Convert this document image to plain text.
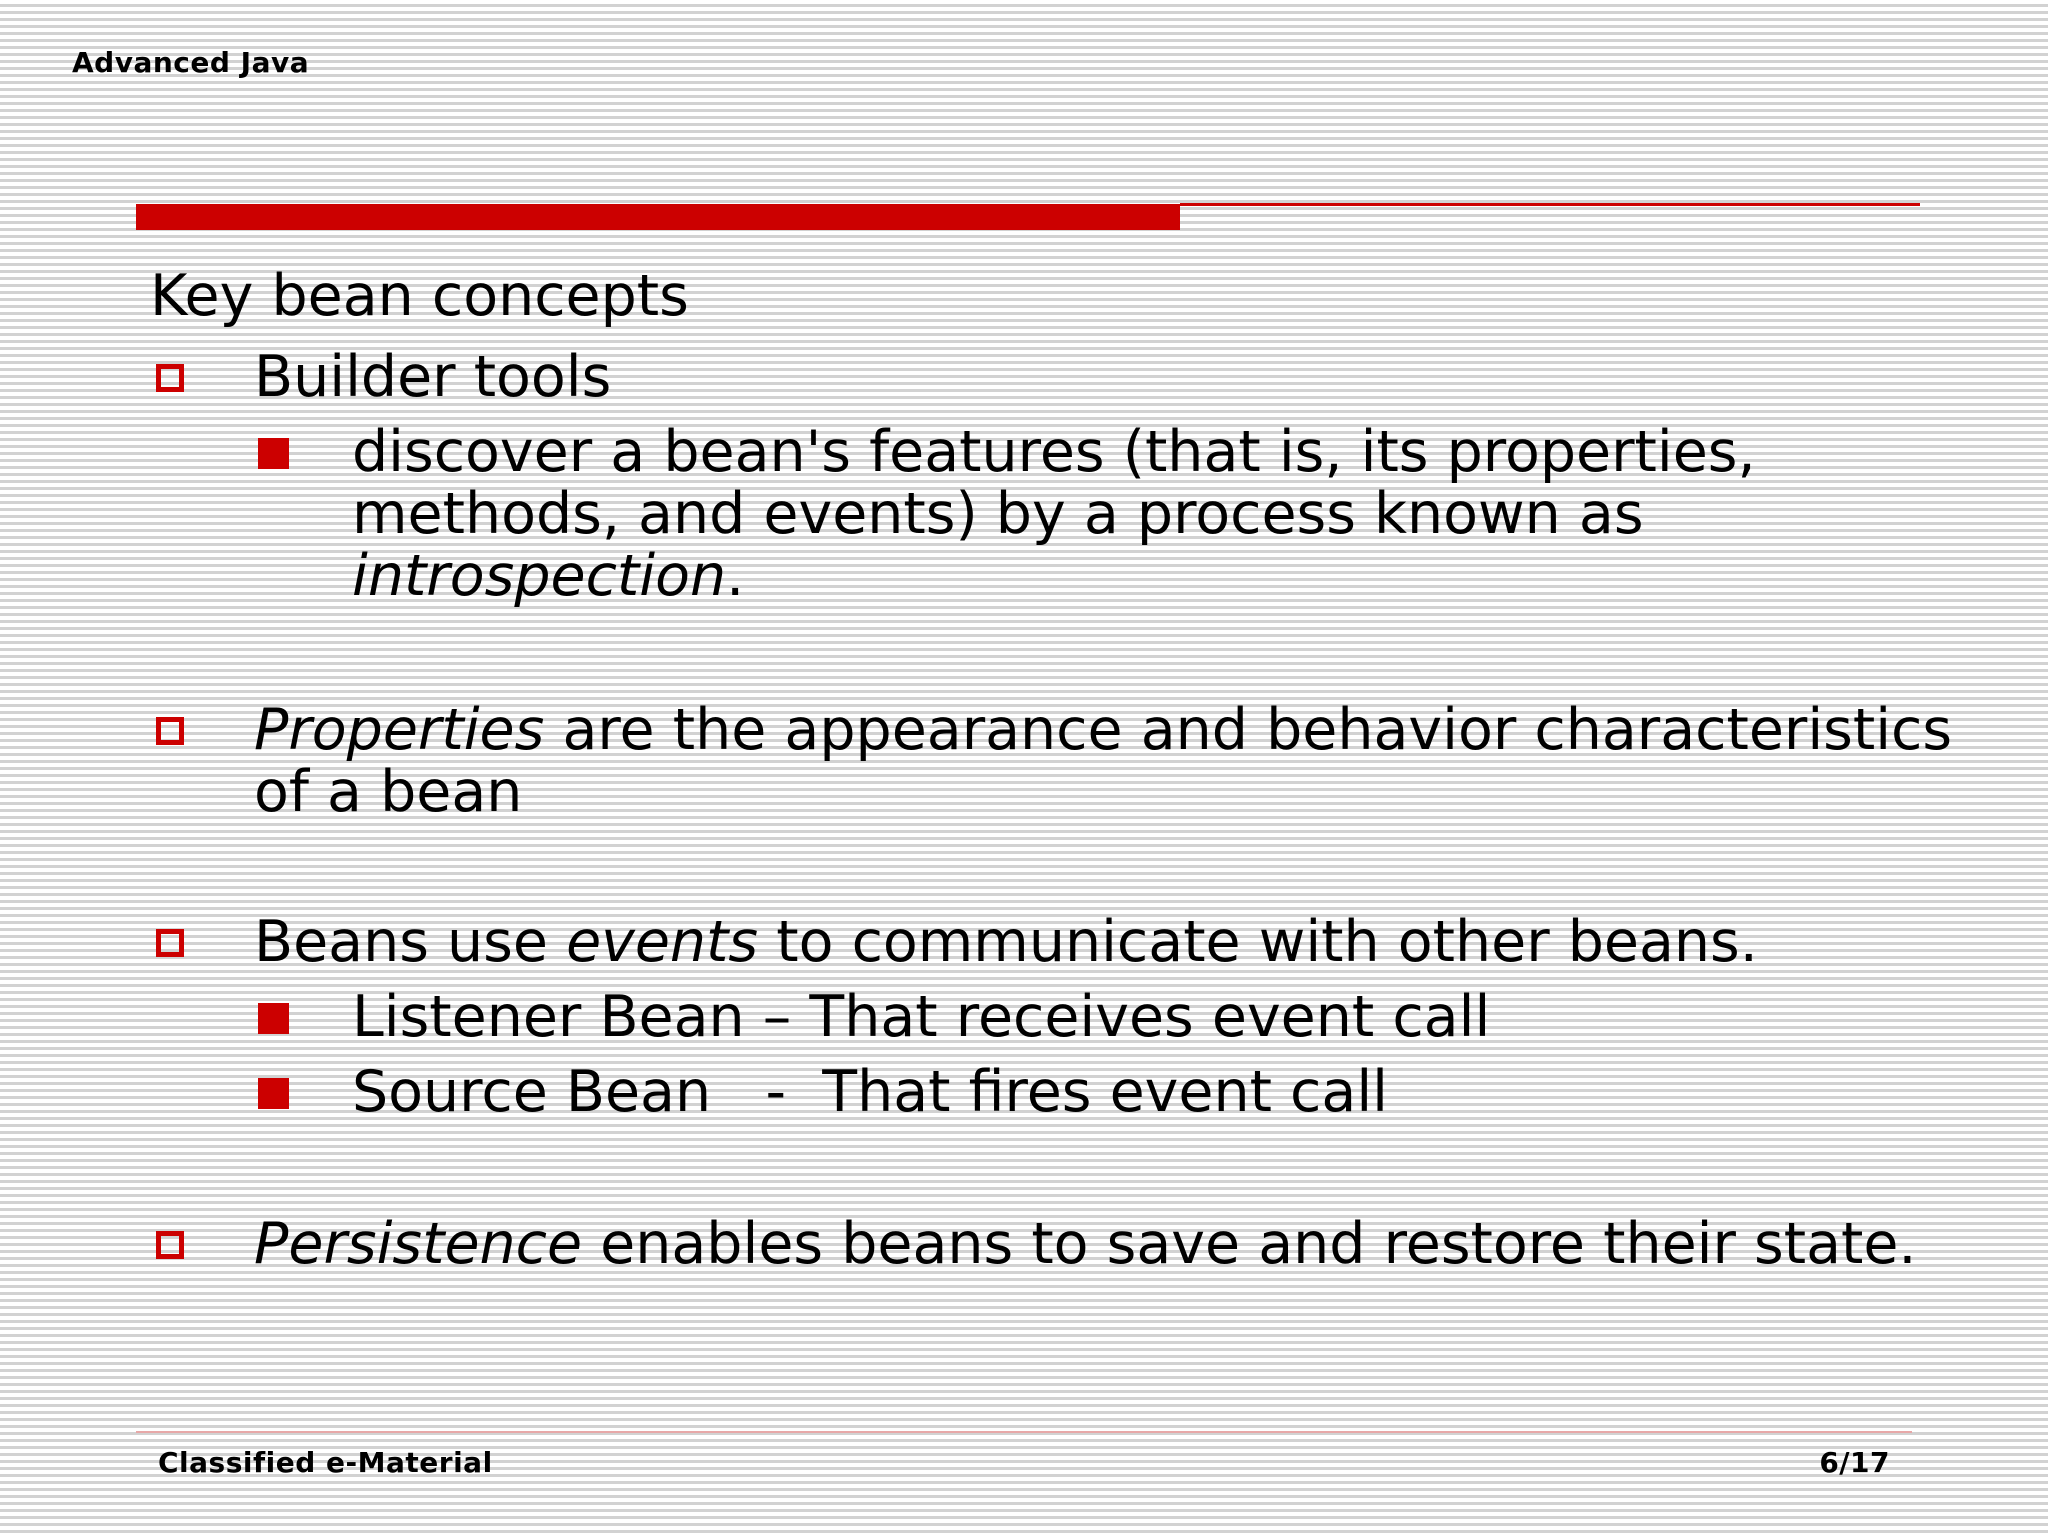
Advanced Java
Key bean concepts
Builder tools
discover a bean's features (that is, its properties, methods, and events) by a process known as introspection.
Properties are the appearance and behavior characteristics of a bean
Beans use events to communicate with other beans.
Listener Bean – That receives event call
Source Bean   -  That fires event call
Persistence enables beans to save and restore their state.
Classified e-Material	6/17
